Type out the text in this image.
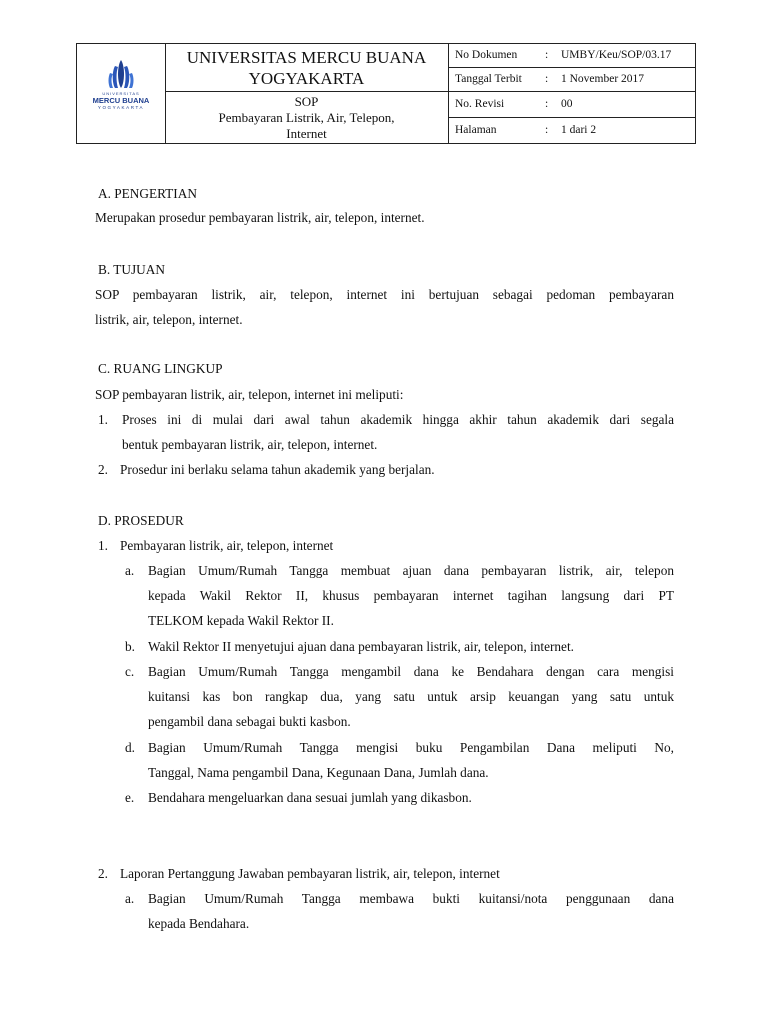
UNIVERSITAS
MERCU BUANA
YOGYAKARTA
UNIVERSITAS MERCU BUANA
YOGYAKARTA
SOP
Pembayaran Listrik, Air, Telepon,
Internet
No Dokumen : UMBY/Keu/SOP/03.17
Tanggal Terbit : 1 November 2017
No. Revisi	: 00
Halaman	: 1 dari 2
A. PENGERTIAN
Merupakan prosedur pembayaran listrik, air, telepon, internet.
B. TUJUAN
SOP pembayaran listrik, air, telepon, internet ini bertujuan sebagai pedoman pembayaran
listrik, air, telepon, internet.
C. RUANG LINGKUP
SOP pembayaran listrik, air, telepon, internet ini meliputi:
1. Proses ini di mulai dari awal tahun akademik hingga akhir tahun akademik dari segala
bentuk pembayaran listrik, air, telepon, internet.
2. Prosedur ini berlaku selama tahun akademik yang berjalan.
D. PROSEDUR
1. Pembayaran listrik, air, telepon, internet
a. Bagian Umum/Rumah Tangga membuat ajuan dana pembayaran listrik, air, telepon
kepada Wakil Rektor II, khusus pembayaran internet tagihan langsung dari PT
TELKOM kepada Wakil Rektor II.
b. Wakil Rektor II menyetujui ajuan dana pembayaran listrik, air, telepon, internet.
c. Bagian Umum/Rumah Tangga mengambil dana ke Bendahara dengan cara mengisi
kuitansi kas bon rangkap dua, yang satu untuk arsip keuangan yang satu untuk
pengambil dana sebagai bukti kasbon.
d. Bagian Umum/Rumah Tangga mengisi buku Pengambilan Dana meliputi No,
Tanggal, Nama pengambil Dana, Kegunaan Dana, Jumlah dana.
e. Bendahara mengeluarkan dana sesuai jumlah yang dikasbon.
2. Laporan Pertanggung Jawaban pembayaran listrik, air, telepon, internet
a. Bagian Umum/Rumah Tangga membawa bukti kuitansi/nota penggunaan dana
kepada Bendahara.
